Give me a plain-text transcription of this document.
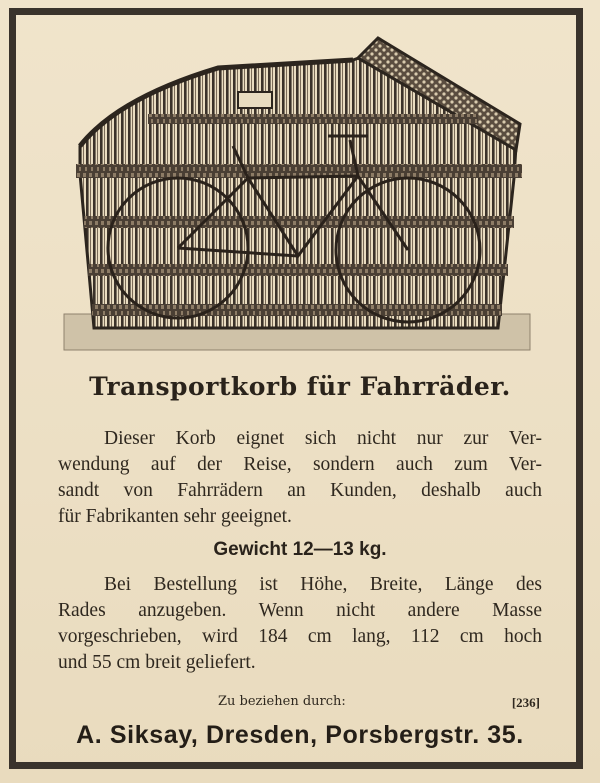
Transportkorb für Fahrräder.

Dieser Korb eignet sich nicht nur zur Ver-
wendung auf der Reise, sondern auch zum Ver-
sandt von Fahrrädern an Kunden, deshalb auch
für Fabrikanten sehr geeignet.

Gewicht 12—13 kg.

Bei Bestellung ist Höhe, Breite, Länge des
Rades anzugeben. Wenn nicht andere Masse
vorgeschrieben, wird 184 cm lang, 112 cm hoch
und 55 cm breit geliefert.

Zu beziehen durch:	[236]
A. Siksay, Dresden, Porsbergstr. 35.
